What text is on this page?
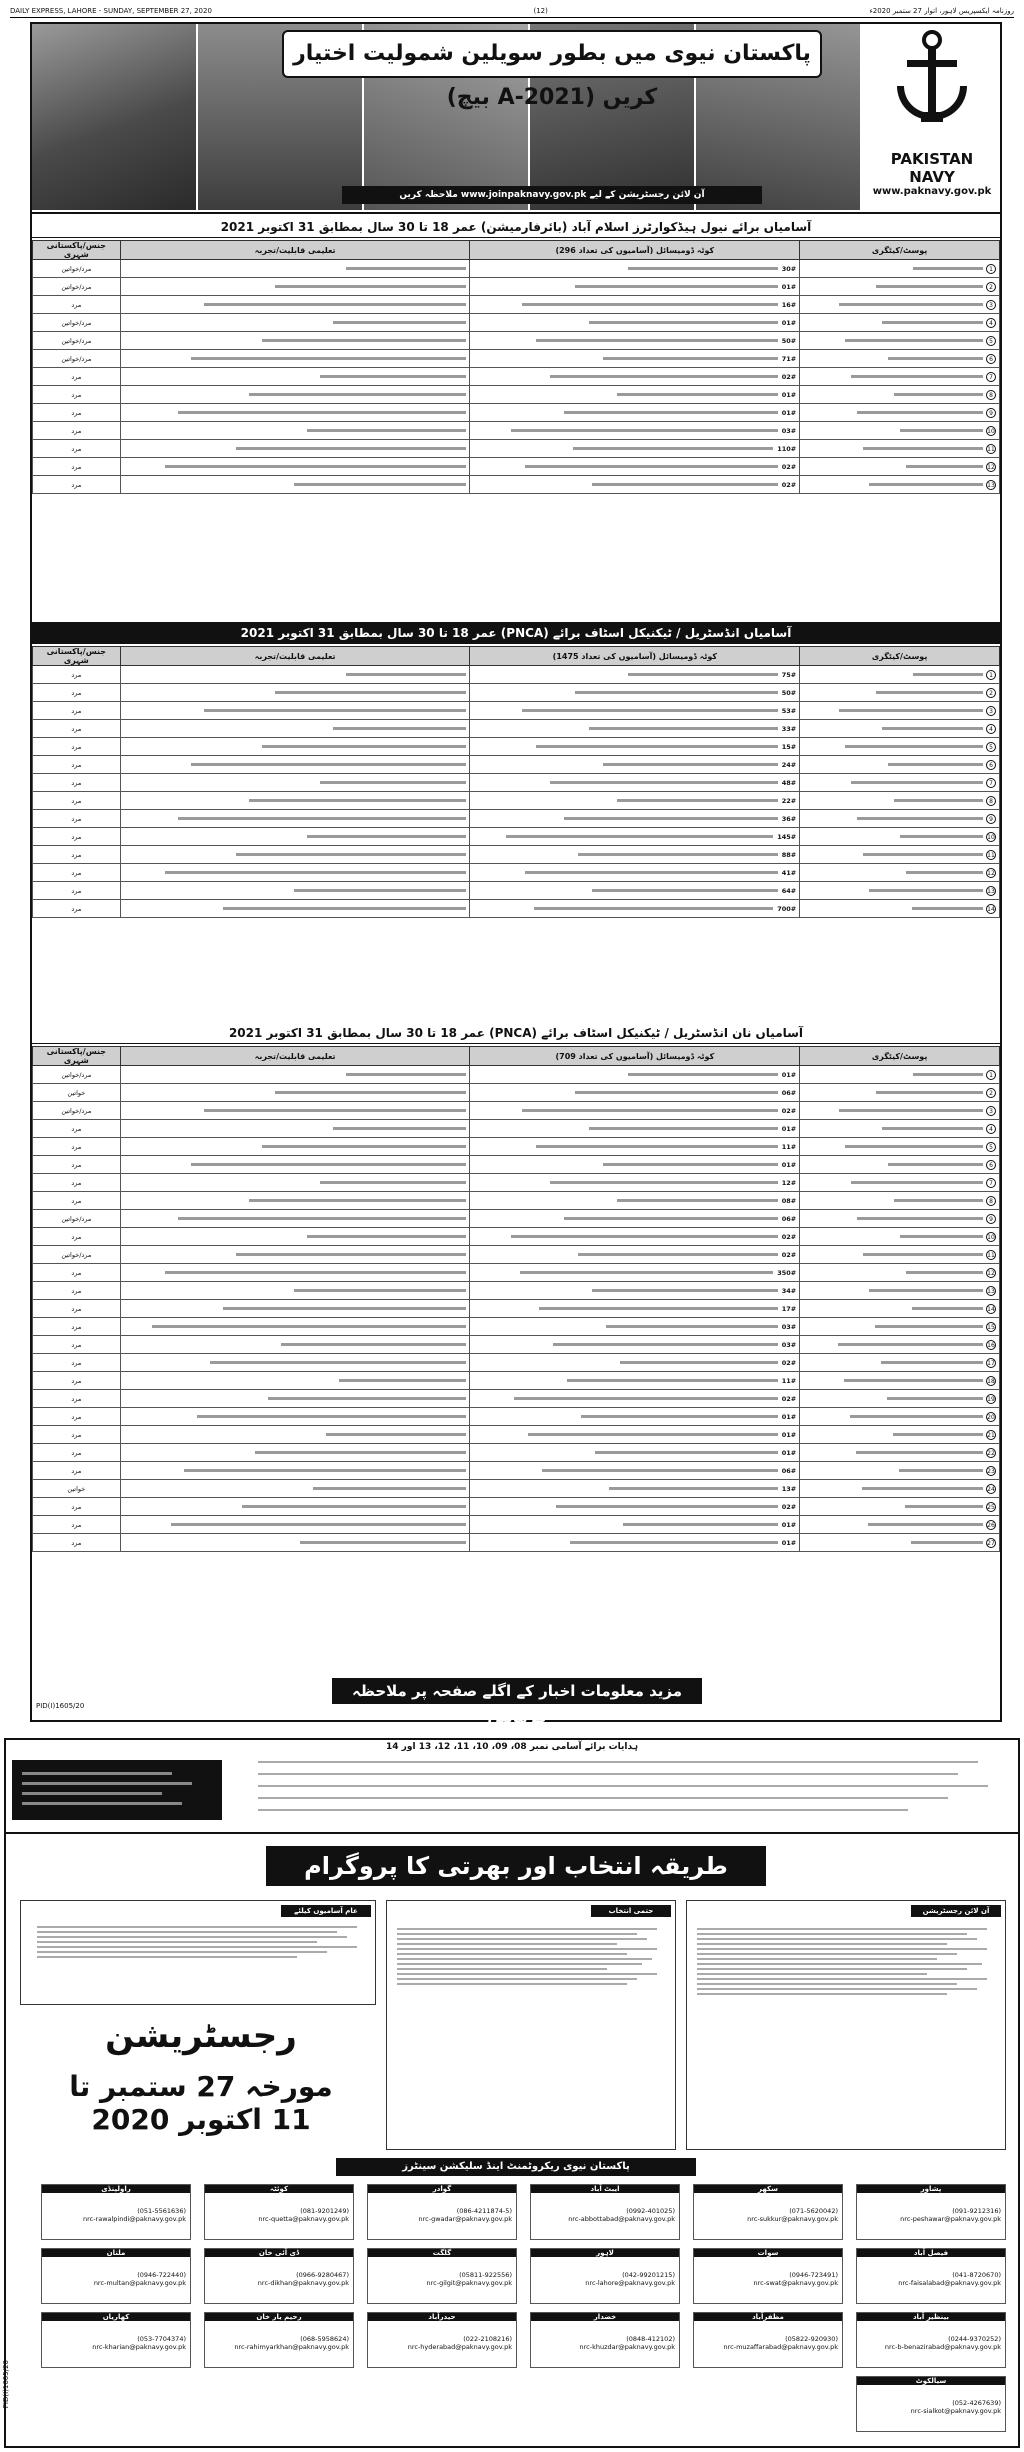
DAILY EXPRESS, LAHORE - SUNDAY, SEPTEMBER 27, 2020	(12)	روزنامہ ایکسپریس لاہور، اتوار 27 ستمبر 2020ء
پاکستان نیوی میں بطور سویلین شمولیت اختیار کریں (2021-A بیچ)
آن لائن رجسٹریشن کے لیے www.joinpaknavy.gov.pk ملاحظہ کریں
PAKISTAN NAVY
www.paknavy.gov.pk
آسامیاں برائے نیول ہیڈکوارٹرز اسلام آباد (بائرفارمیشن) عمر 18 تا 30 سال بمطابق 31 اکتوبر 2021
پوسٹ/کیٹگری	کوٹہ ڈومیسائل (آسامیوں کی تعداد 296)	تعلیمی قابلیت/تجربہ	جنس/پاکستانی شہری
1	30#		مرد/خواتین
2	01#		مرد/خواتین
3	16#		مرد
4	01#		مرد/خواتین
5	50#		مرد/خواتین
6	71#		مرد/خواتین
7	02#		مرد
8	01#		مرد
9	01#		مرد
10	03#		مرد
11	110#		مرد
12	02#		مرد
13	02#		مرد
آسامیاں انڈسٹریل / ٹیکنیکل اسٹاف برائے (PNCA) عمر 18 تا 30 سال بمطابق 31 اکتوبر 2021
پوسٹ/کیٹگری	کوٹہ ڈومیسائل (آسامیوں کی تعداد 1475)	تعلیمی قابلیت/تجربہ	جنس/پاکستانی شہری
1	75#		مرد
2	50#		مرد
3	53#		مرد
4	33#		مرد
5	15#		مرد
6	24#		مرد
7	48#		مرد
8	22#		مرد
9	36#		مرد
10	145#		مرد
11	88#		مرد
12	41#		مرد
13	64#		مرد
14	700#		مرد
آسامیاں نان انڈسٹریل / ٹیکنیکل اسٹاف برائے (PNCA) عمر 18 تا 30 سال بمطابق 31 اکتوبر 2021
پوسٹ/کیٹگری	کوٹہ ڈومیسائل (آسامیوں کی تعداد 709)	تعلیمی قابلیت/تجربہ	جنس/پاکستانی شہری
1	01#		مرد/خواتین
2	06#		خواتین
3	02#		مرد/خواتین
4	01#		مرد
5	11#		مرد
6	01#		مرد
7	12#		مرد
8	08#		مرد
9	06#		مرد/خواتین
10	02#		مرد
11	02#		مرد/خواتین
12	350#		مرد
13	34#		مرد
14	17#		مرد
15	03#		مرد
16	03#		مرد
17	02#		مرد
18	11#		مرد
19	02#		مرد
20	01#		مرد
21	01#		مرد
22	01#		مرد
23	06#		مرد
24	13#		خواتین
25	02#		مرد
26	01#		مرد
27	01#		مرد
مزید معلومات اخبار کے اگلے صفحہ پر ملاحظہ فرمائیں
PID(I)1605/20
ہدایات برائے آسامی نمبر 08، 09، 10، 11، 12، 13 اور 14
طریقہ انتخاب اور بھرتی کا پروگرام
آن لائن رجسٹریشن
حتمی انتخاب
عام آسامیوں کیلئے
رجسٹریشن
مورخہ 27 ستمبر تا 11 اکتوبر 2020
پاکستان نیوی ریکروٹمنٹ اینڈ سلیکشن سینٹرز
پشاور
(091-9212316)
nrc-peshawar@paknavy.gov.pk
سکھر
(071-5620042)
nrc-sukkur@paknavy.gov.pk
ایبٹ آباد
(0992-401025)
nrc-abbottabad@paknavy.gov.pk
گوادر
(086-4211874-5)
nrc-gwadar@paknavy.gov.pk
کوئٹہ
(081-9201249)
nrc-quetta@paknavy.gov.pk
راولپنڈی
(051-5561636)
nrc-rawalpindi@paknavy.gov.pk
فیصل آباد
(041-8720670)
nrc-faisalabad@paknavy.gov.pk
سوات
(0946-723491)
nrc-swat@paknavy.gov.pk
لاہور
(042-99201215)
nrc-lahore@paknavy.gov.pk
گلگت
(05811-922556)
nrc-gilgit@paknavy.gov.pk
ڈی آئی خان
(0966-9280467)
nrc-dikhan@paknavy.gov.pk
ملتان
(0946-722440)
nrc-multan@paknavy.gov.pk
بینظیر آباد
(0244-9370252)
nrc-b-benazirabad@paknavy.gov.pk
مظفرآباد
(05822-920930)
nrc-muzaffarabad@paknavy.gov.pk
خضدار
(0848-412102)
nrc-khuzdar@paknavy.gov.pk
حیدرآباد
(022-2108216)
nrc-hyderabad@paknavy.gov.pk
رحیم یار خان
(068-5958624)
nrc-rahimyarkhan@paknavy.gov.pk
کھاریاں
(053-7704374)
nrc-kharian@paknavy.gov.pk
سیالکوٹ
(052-4267639)
nrc-sialkot@paknavy.gov.pk
PID(I)1605/20
